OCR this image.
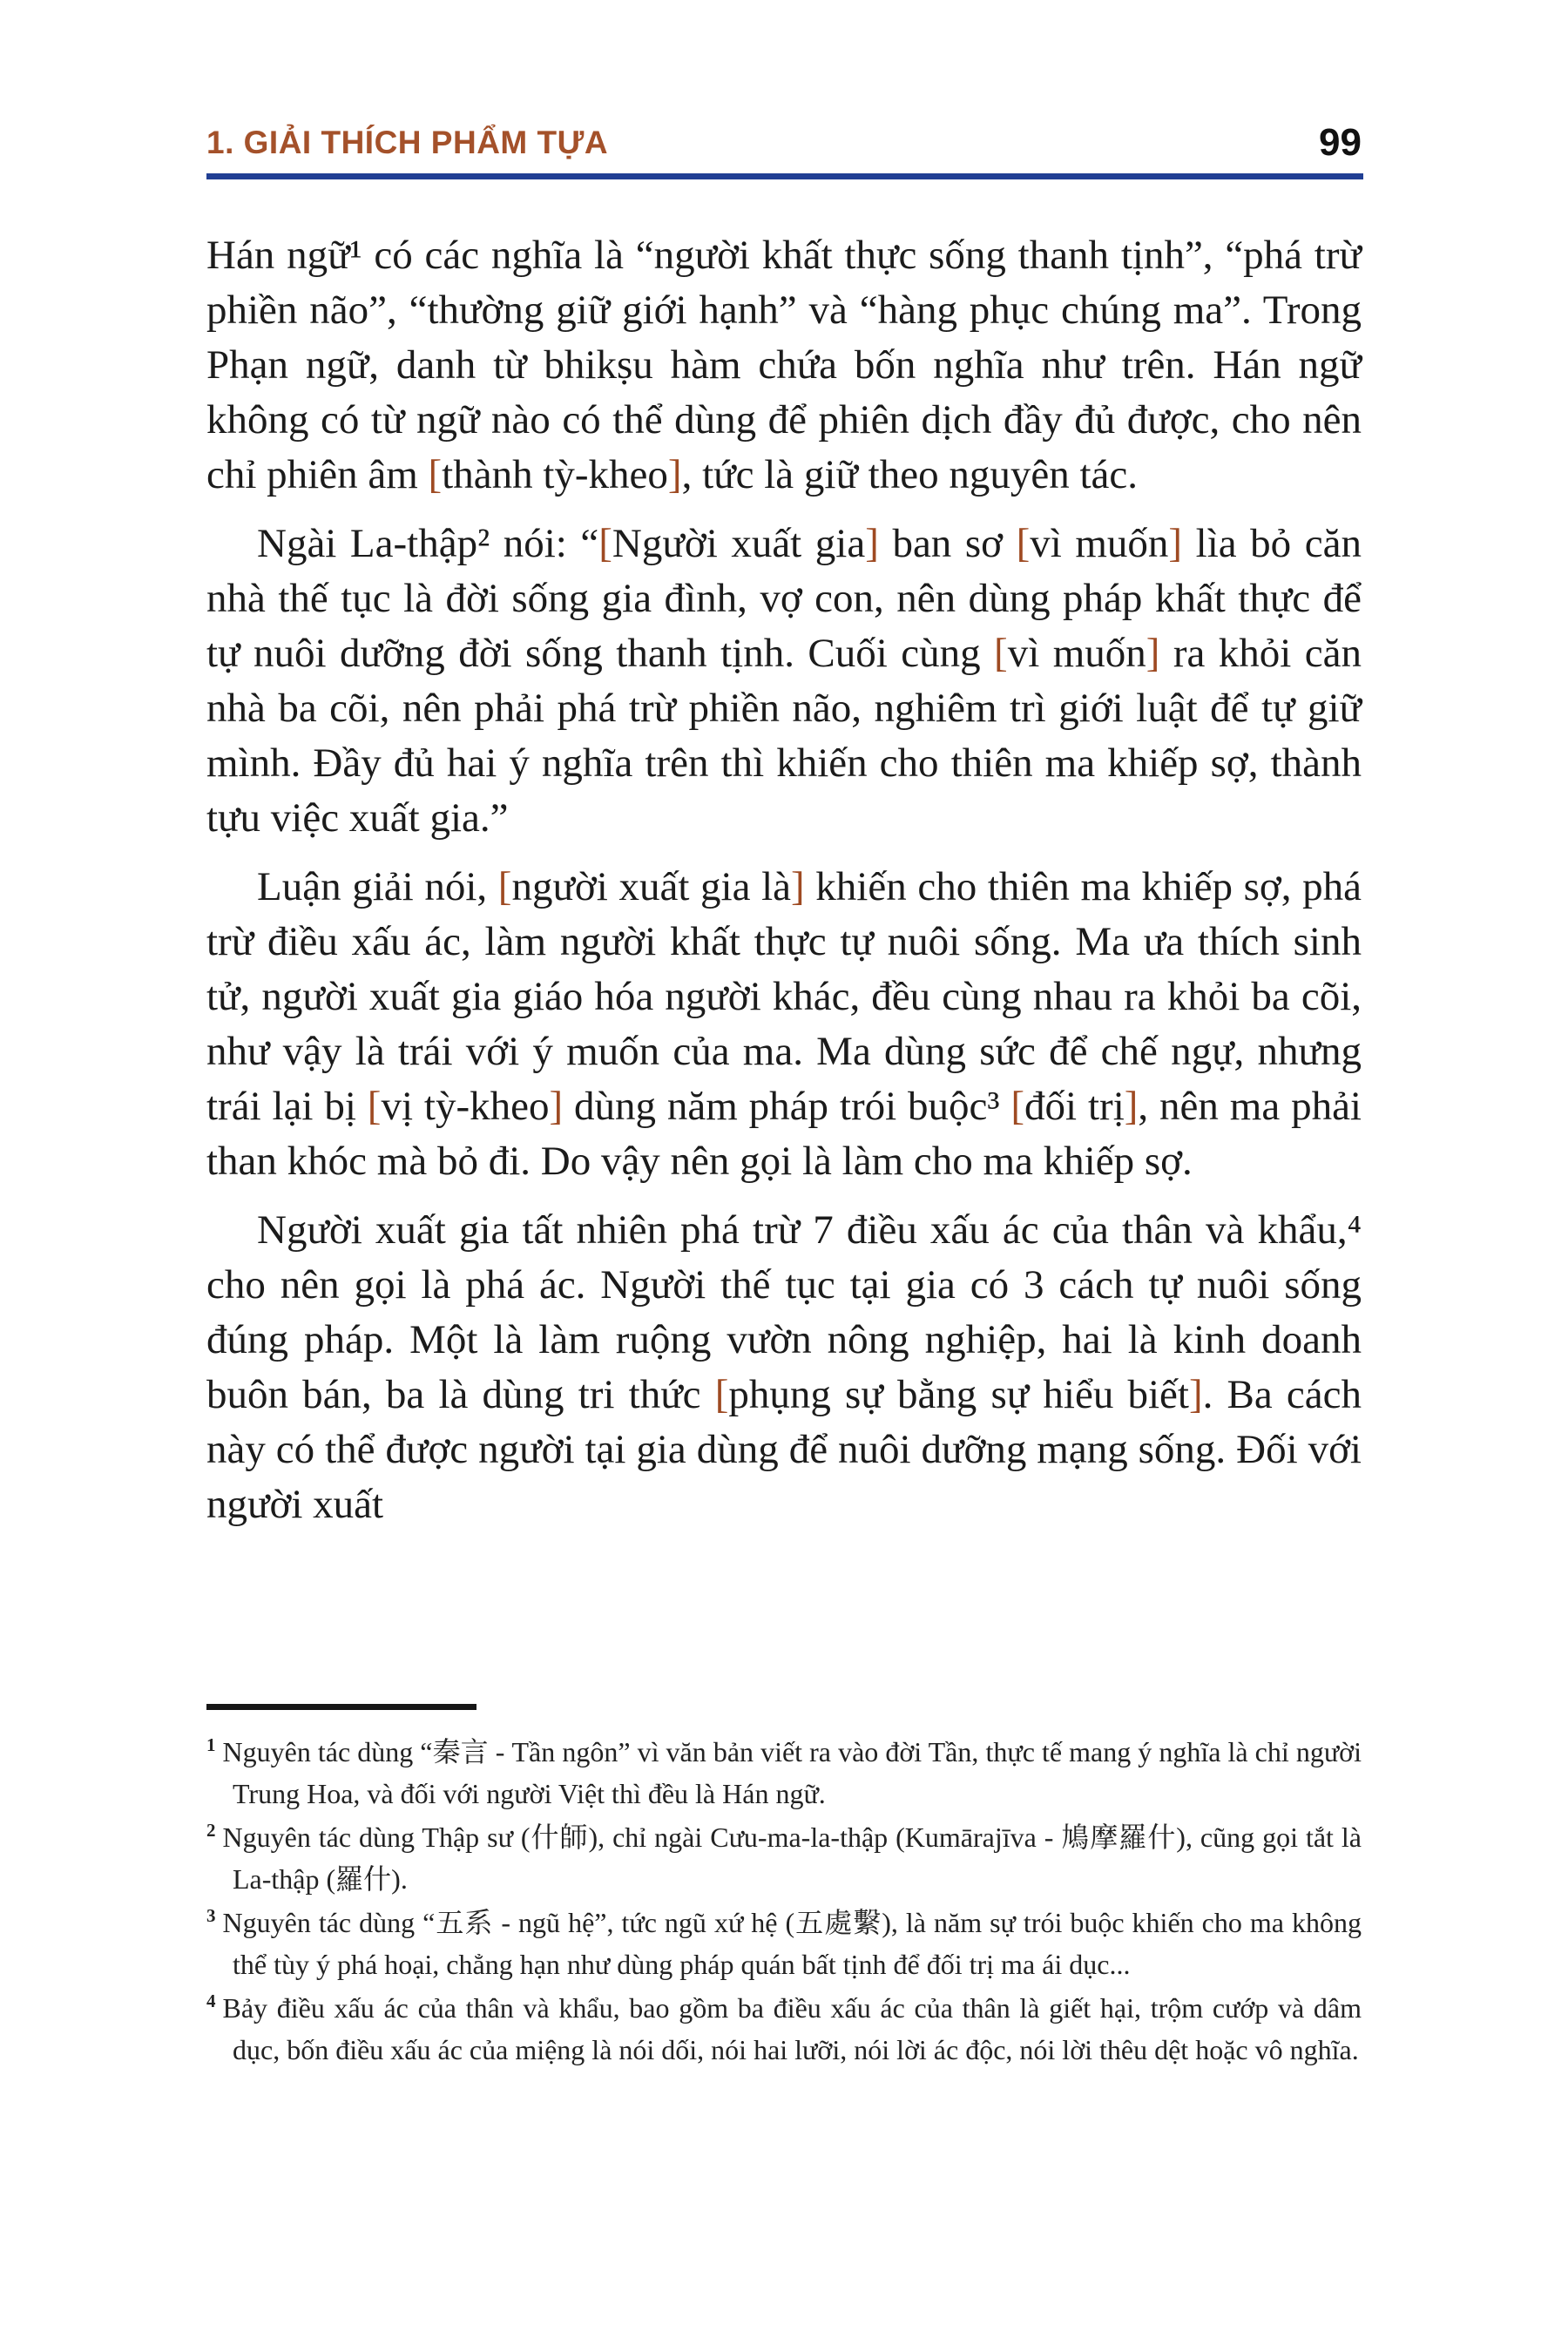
1. GIẢI THÍCH PHẨM TỰA	99

Hán ngữ¹ có các nghĩa là “người khất thực sống thanh tịnh”, “phá trừ phiền não”, “thường giữ giới hạnh” và “hàng phục chúng ma”. Trong Phạn ngữ, danh từ bhikṣu hàm chứa bốn nghĩa như trên. Hán ngữ không có từ ngữ nào có thể dùng để phiên dịch đầy đủ được, cho nên chỉ phiên âm [thành tỳ-kheo], tức là giữ theo nguyên tác.

Ngài La-thập² nói: “[Người xuất gia] ban sơ [vì muốn] lìa bỏ căn nhà thế tục là đời sống gia đình, vợ con, nên dùng pháp khất thực để tự nuôi dưỡng đời sống thanh tịnh. Cuối cùng [vì muốn] ra khỏi căn nhà ba cõi, nên phải phá trừ phiền não, nghiêm trì giới luật để tự giữ mình. Đầy đủ hai ý nghĩa trên thì khiến cho thiên ma khiếp sợ, thành tựu việc xuất gia.”

Luận giải nói, [người xuất gia là] khiến cho thiên ma khiếp sợ, phá trừ điều xấu ác, làm người khất thực tự nuôi sống. Ma ưa thích sinh tử, người xuất gia giáo hóa người khác, đều cùng nhau ra khỏi ba cõi, như vậy là trái với ý muốn của ma. Ma dùng sức để chế ngự, nhưng trái lại bị [vị tỳ-kheo] dùng năm pháp trói buộc³ [đối trị], nên ma phải than khóc mà bỏ đi. Do vậy nên gọi là làm cho ma khiếp sợ.

Người xuất gia tất nhiên phá trừ 7 điều xấu ác của thân và khẩu,⁴ cho nên gọi là phá ác. Người thế tục tại gia có 3 cách tự nuôi sống đúng pháp. Một là làm ruộng vườn nông nghiệp, hai là kinh doanh buôn bán, ba là dùng tri thức [phụng sự bằng sự hiểu biết]. Ba cách này có thể được người tại gia dùng để nuôi dưỡng mạng sống. Đối với người xuất

$^1$ Nguyên tác dùng “秦言 - Tần ngôn” vì văn bản viết ra vào đời Tần, thực tế mang ý nghĩa là chỉ người Trung Hoa, và đối với người Việt thì đều là Hán ngữ.
$^2$ Nguyên tác dùng Thập sư (什師), chỉ ngài Cưu-ma-la-thập (Kumārajīva - 鳩摩羅什), cũng gọi tắt là La-thập (羅什).
$^3$ Nguyên tác dùng “五系 - ngũ hệ”, tức ngũ xứ hệ (五處繫), là năm sự trói buộc khiến cho ma không thể tùy ý phá hoại, chẳng hạn như dùng pháp quán bất tịnh để đối trị ma ái dục...
$^4$ Bảy điều xấu ác của thân và khẩu, bao gồm ba điều xấu ác của thân là giết hại, trộm cướp và dâm dục, bốn điều xấu ác của miệng là nói dối, nói hai lưỡi, nói lời ác độc, nói lời thêu dệt hoặc vô nghĩa.
